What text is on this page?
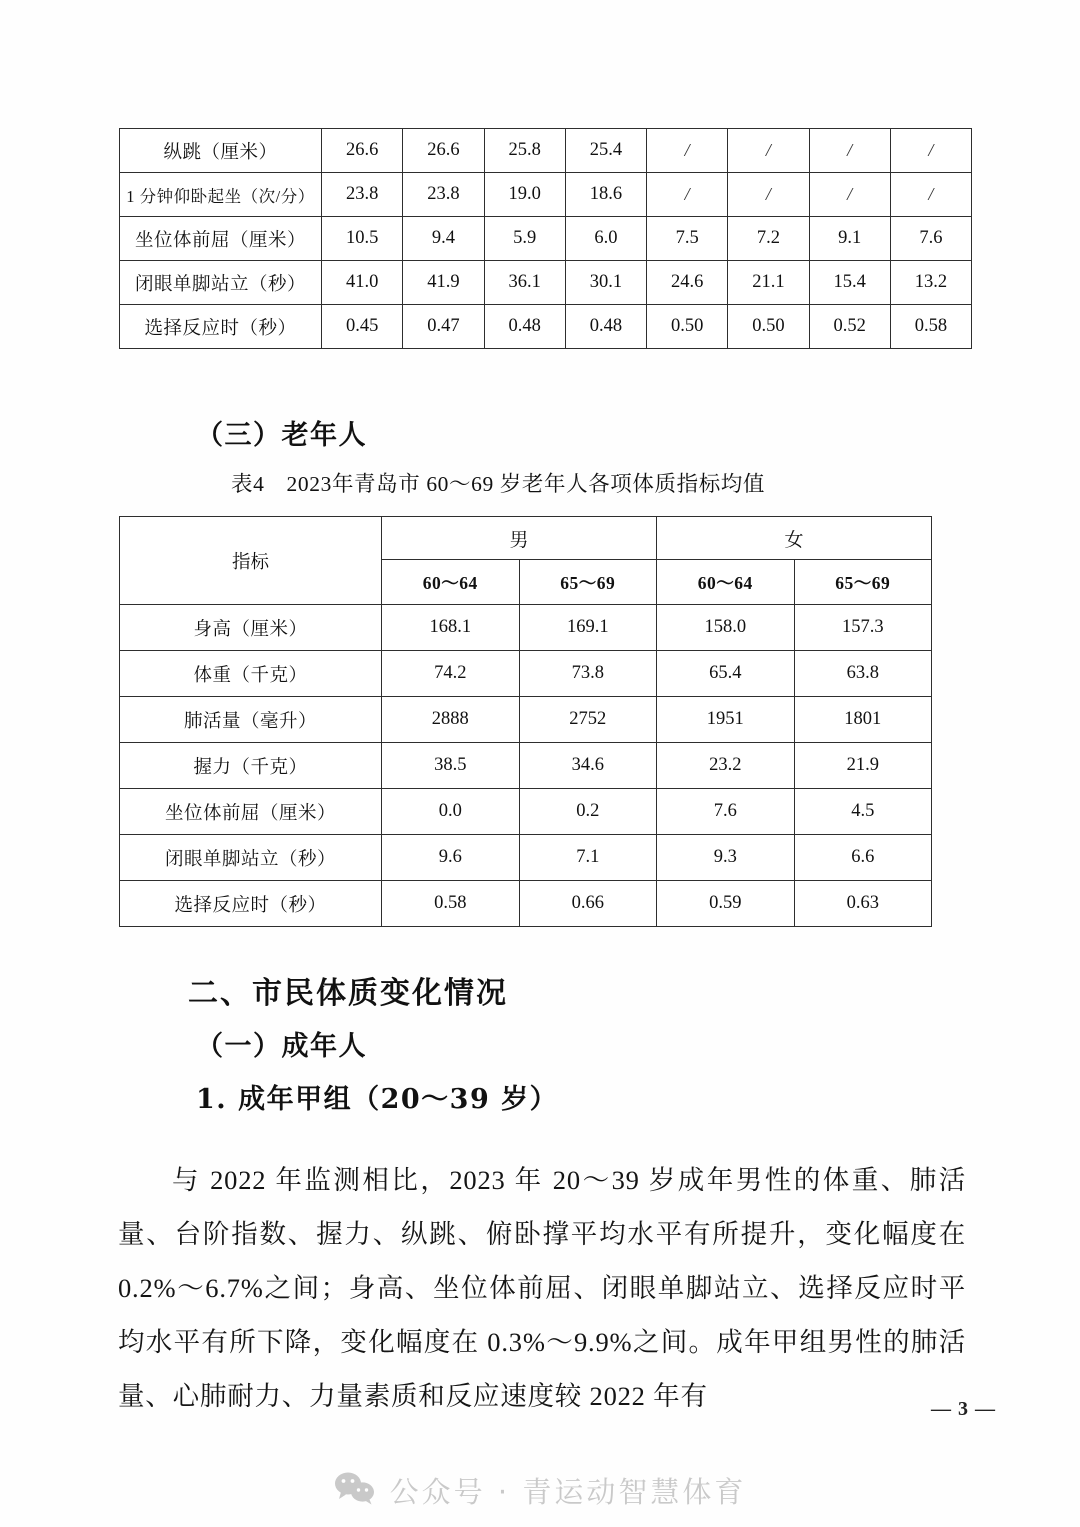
纵跳（厘米）	26.6	26.6	25.8	25.4	/	/	/	/
1 分钟仰卧起坐（次/分）	23.8	23.8	19.0	18.6	/	/	/	/
坐位体前屈（厘米）	10.5	9.4	5.9	6.0	7.5	7.2	9.1	7.6
闭眼单脚站立（秒）	41.0	41.9	36.1	30.1	24.6	21.1	15.4	13.2
选择反应时（秒）	0.45	0.47	0.48	0.48	0.50	0.50	0.52	0.58
（三）老年人
表4　2023年青岛市 60～69 岁老年人各项体质指标均值
指标	男		女	
	60～64	65～69	60～64	65～69
身高（厘米）	168.1	169.1	158.0	157.3
体重（千克）	74.2	73.8	65.4	63.8
肺活量（毫升）	2888	2752	1951	1801
握力（千克）	38.5	34.6	23.2	21.9
坐位体前屈（厘米）	0.0	0.2	7.6	4.5
闭眼单脚站立（秒）	9.6	7.1	9.3	6.6
选择反应时（秒）	0.58	0.66	0.59	0.63
二、市民体质变化情况
（一）成年人
1. 成年甲组（20～39 岁）

与 2022 年监测相比，2023 年 20～39 岁成年男性的体重、肺活量、台阶指数、握力、纵跳、俯卧撑平均水平有所提升，变化幅度在 0.2%～6.7%之间；身高、坐位体前屈、闭眼单脚站立、选择反应时平均水平有所下降，变化幅度在 0.3%～9.9%之间。成年甲组男性的肺活量、心肺耐力、力量素质和反应速度较 2022 年有	— 3 —
公众号 · 青运动智慧体育
